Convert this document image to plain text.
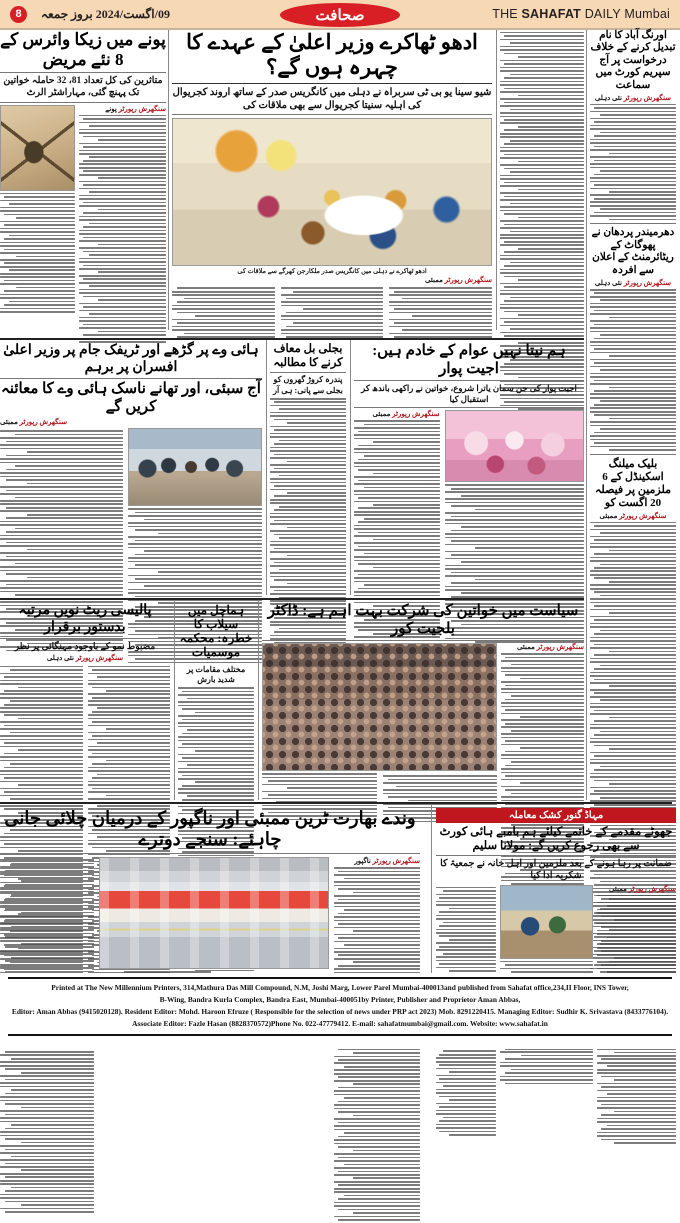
8	09/اگست/2024 بروز جمعہ	صحافت	THE SAHAFAT DAILY Mumbai
اورنگ آباد کا نام تبدیل کرنے کے خلاف درخواست پر آج سپریم کورٹ میں سماعت
سنگھرش رپورٹر نئی دہلی
دھرمیندر پردھان نے پھوگاٹ کے ریٹائرمنٹ کے اعلان سے افردہ
سنگھرش رپورٹر نئی دہلی
بلیک میلنگ اسکینڈل کے 6 ملزمین پر فیصلہ 20 اگست کو
سنگھرش رپورٹر ممبئی
ادھو ٹھاکرے وزیر اعلیٰ کے عہدے کا چہرہ ہوں گے؟
شیو سینا یو بی ٹی سربراہ نے دہلی میں کانگریس صدر کے ساتھ اروند کجریوال کی اہلیہ سنیتا کجریوال سے بھی ملاقات کی
ادھو ٹھاکرے نے دہلی میں کانگریس صدر ملکارجن کھرگے سے ملاقات کی
سنگھرش رپورٹر ممبئی
پونے میں زیکا وائرس کے 8 نئے مریض
متاثرین کی کل تعداد 81، 32 حاملہ خواتین تک پہنچ گئی، مہاراشٹر الرٹ
سنگھرش رپورٹر پونے
ہائی وے پر گڑھے اور ٹریفک جام پر وزیر اعلیٰ افسران پر برہم
آج سبئی، اور تھانے ناسک ہائی وے کا معائنہ کریں گے
سنگھرش رپورٹر ممبئی
بجلی بل معاف کرنے کا مطالبہ
پندرہ کروڑ گھروں کو بجلی سے پانی: ہی آر
ہم نیتا نہیں عوام کے خادم ہیں: اجیت پوار
اجیت پوار کی جن سمان یاترا شروع، خواتین نے راکھی باندھ کر استقبال کیا
سنگھرش رپورٹر ممبئی
پالیسی ریٹ نویں مرتبہ بدستور برقرار
مضبوط نمو کے باوجود مہنگائی پر نظر
سنگھرش رپورٹر نئی دہلی
ہماچل میں سیلاب کا خطرہ: محکمہ موسمیات
مختلف مقامات پر شدید بارش
سیاست میں خواتین کی شرکت بہت اہم ہے: ڈاکٹر بلجیت کور
سنگھرش رپورٹر ممبئی
وندے بھارت ٹرین ممبئی اور ناگپور کے درمیان چلائی جانی چاہئے: سنجے دوترے
سنگھرش رپورٹر ناگپور
مہاڈ گنور کشک معاملہ
جھوٹے مقدمے کے خاتمے کیلئے ہم بامبے ہائی کورٹ سے بھی رجوع کریں گے: مولانا سلیم
ضمانت پر رہا ہونے کے بعد ملزمین اور اہل خانہ نے جمعیۃ کا شکریہ ادا کیا
سنگھرش رپورٹر ممبئی
Printed at The New Millennium Printers, 314,Mathura Das Mill Compound, N.M, Joshi Marg, Lower Parel Mumbai-400013and published from Sahafat office,234,II Floor, INS Tower,
B-Wing, Bandra Kurla Complex, Bandra East, Mumbai-400051by Printer, Publisher and Proprietor Aman Abbas,
Editor: Aman Abbas (9415020128). Resident Editor: Mohd. Haroon Efruze ( Responsible for the selection of news under PRP act 2023) Mob. 8291220415. Managing Editor: Sudhir K. Srivastava (8433776104).
Associate Editor: Fazle Hasan (8828370572)Phone No. 022-47779412. E-mail: sahafatmumbai@gmail.com. Website: www.sahafat.in
